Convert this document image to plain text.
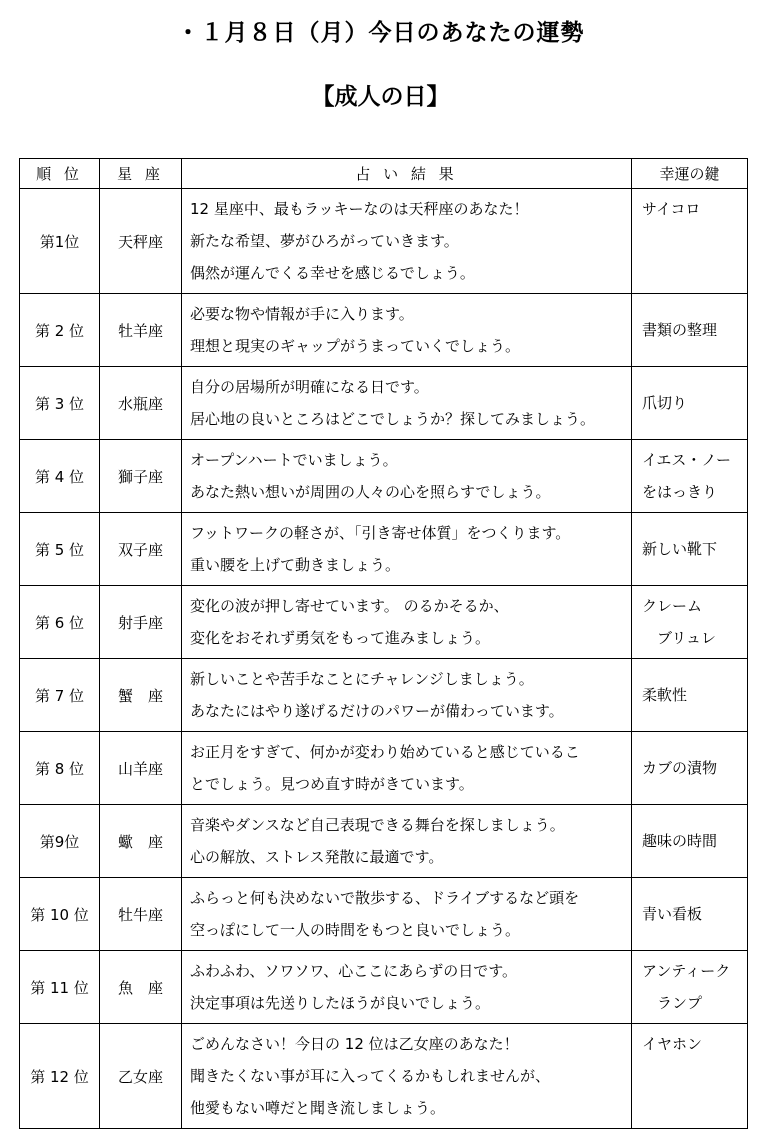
・１月８日（月）今日のあなたの運勢
【成人の日】
順 位	星 座	占 い 結 果	幸運の鍵
第1位	天秤座	12 星座中、最もラッキーなのは天秤座のあなた！
新たな希望、夢がひろがっていきます。
偶然が運んでくる幸せを感じるでしょう。	サイコロ

第 2 位	牡羊座	必要な物や情報が手に入ります。
理想と現実のギャップがうまっていくでしょう。	書類の整理

第 3 位	水瓶座	自分の居場所が明確になる日です。
居心地の良いところはどこでしょうか？探してみましょう。	爪切り

第 4 位	獅子座	オープンハートでいましょう。
あなた熱い想いが周囲の人々の心を照らすでしょう。	イエス・ノー
をはっきり

第 5 位	双子座	フットワークの軽さが、「引き寄せ体質」をつくります。
重い腰を上げて動きましょう。	新しい靴下

第 6 位	射手座	変化の波が押し寄せています。 のるかそるか、
変化をおそれず勇気をもって進みましょう。	クレーム
　ブリュレ

第 7 位	蟹　座	新しいことや苦手なことにチャレンジしましょう。
あなたにはやり遂げるだけのパワーが備わっています。	柔軟性

第 8 位	山羊座	お正月をすぎて、何かが変わり始めていると感じているこ
とでしょう。見つめ直す時がきています。	カブの漬物

第9位	蠍　座	音楽やダンスなど自己表現できる舞台を探しましょう。
心の解放、ストレス発散に最適です。	趣味の時間

第 10 位	牡牛座	ふらっと何も決めないで散歩する、ドライブするなど頭を
空っぽにして一人の時間をもつと良いでしょう。	青い看板

第 11 位	魚　座	ふわふわ、ソワソワ、心ここにあらずの日です。
決定事項は先送りしたほうが良いでしょう。	アンティーク
　ランプ

第 12 位	乙女座	ごめんなさい！今日の 12 位は乙女座のあなた！
聞きたくない事が耳に入ってくるかもしれませんが、
他愛もない噂だと聞き流しましょう。	イヤホン
